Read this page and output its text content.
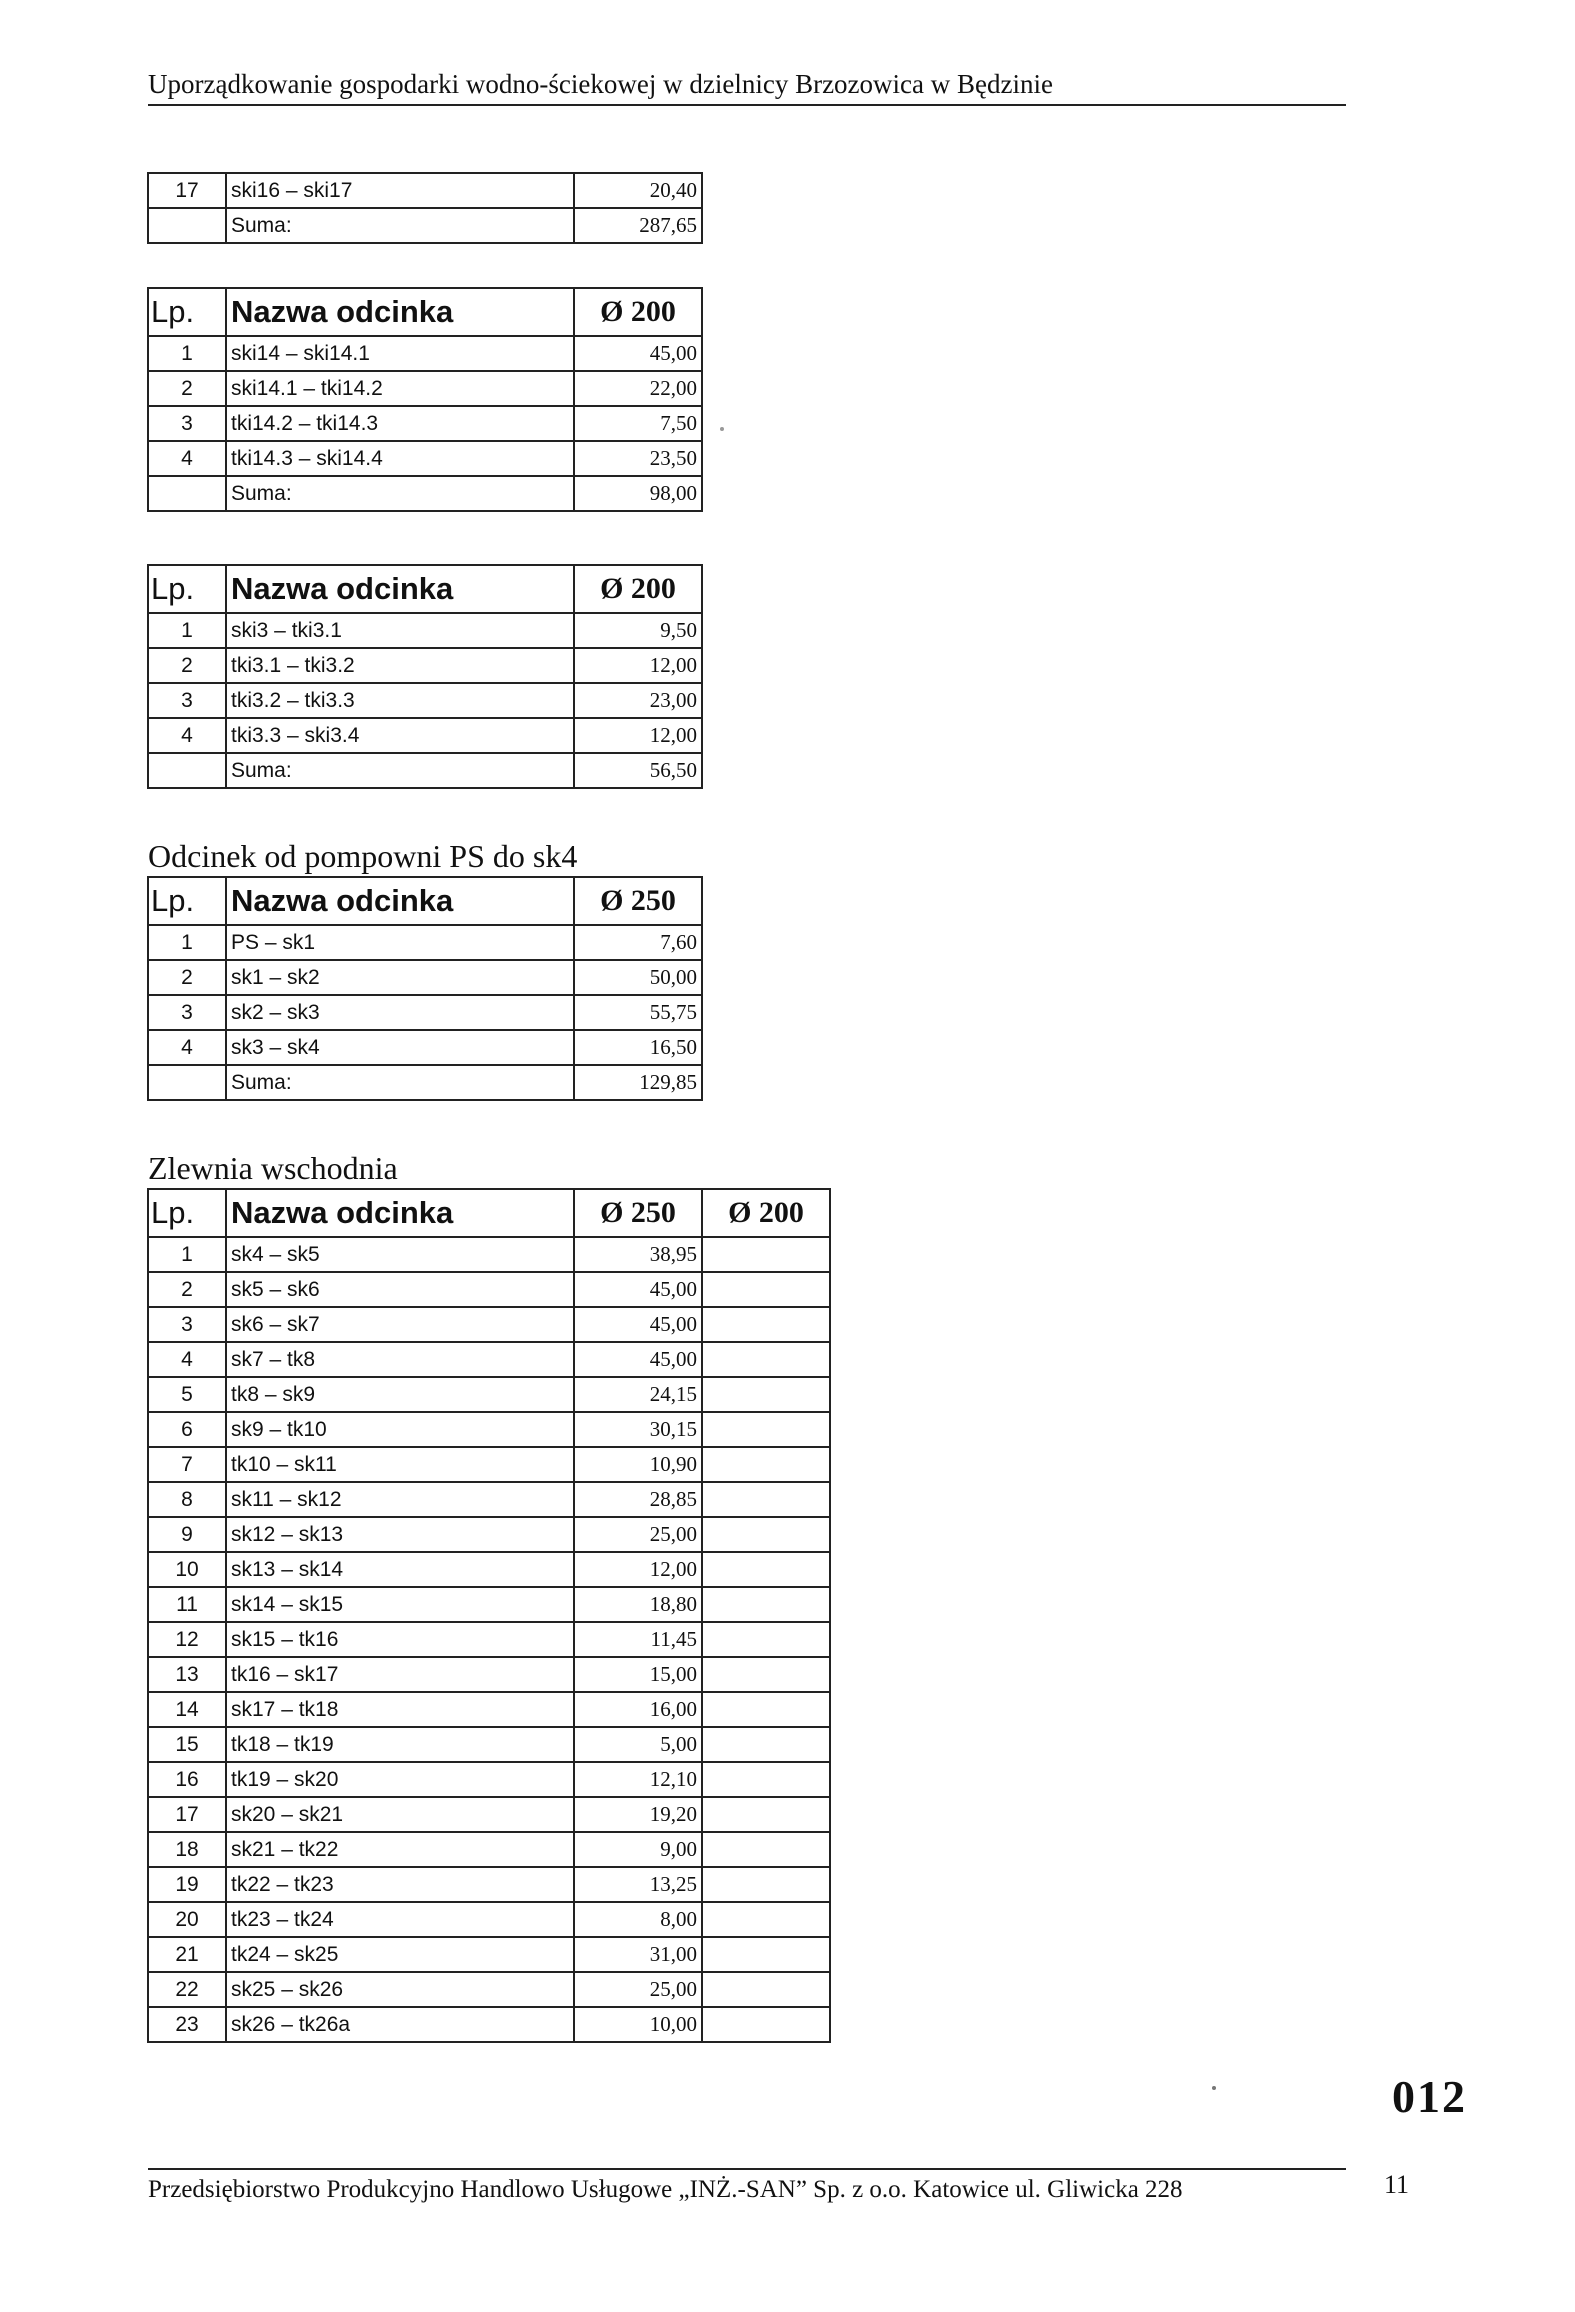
Uporządkowanie gospodarki wodno-ściekowej w dzielnicy Brzozowica w Będzinie
17	ski16 – ski17	20,40
	Suma:	287,65
Lp.	Nazwa odcinka	Ø 200
1	ski14 – ski14.1	45,00
2	ski14.1 – tki14.2	22,00
3	tki14.2 – tki14.3	7,50
4	tki14.3 – ski14.4	23,50
	Suma:	98,00
Lp.	Nazwa odcinka	Ø 200
1	ski3 – tki3.1	9,50
2	tki3.1 – tki3.2	12,00
3	tki3.2 – tki3.3	23,00
4	tki3.3 – ski3.4	12,00
	Suma:	56,50
Odcinek od pompowni PS do sk4
Lp.	Nazwa odcinka	Ø 250
1	PS – sk1	7,60
2	sk1 – sk2	50,00
3	sk2 – sk3	55,75
4	sk3 – sk4	16,50
	Suma:	129,85
Zlewnia wschodnia
Lp.	Nazwa odcinka	Ø 250	Ø 200
1	sk4 – sk5	38,95	
2	sk5 – sk6	45,00	
3	sk6 – sk7	45,00	
4	sk7 – tk8	45,00	
5	tk8 – sk9	24,15	
6	sk9 – tk10	30,15	
7	tk10 – sk11	10,90	
8	sk11 – sk12	28,85	
9	sk12 – sk13	25,00	
10	sk13 – sk14	12,00	
11	sk14 – sk15	18,80	
12	sk15 – tk16	11,45	
13	tk16 – sk17	15,00	
14	sk17 – tk18	16,00	
15	tk18 – tk19	5,00	
16	tk19 – sk20	12,10	
17	sk20 – sk21	19,20	
18	sk21 – tk22	9,00	
19	tk22 – tk23	13,25	
20	tk23 – tk24	8,00	
21	tk24 – sk25	31,00	
22	sk25 – sk26	25,00	
23	sk26 – tk26a	10,00	
012
Przedsiębiorstwo Produkcyjno Handlowo Usługowe „INŻ.-SAN” Sp. z o.o. Katowice ul. Gliwicka 228	11
